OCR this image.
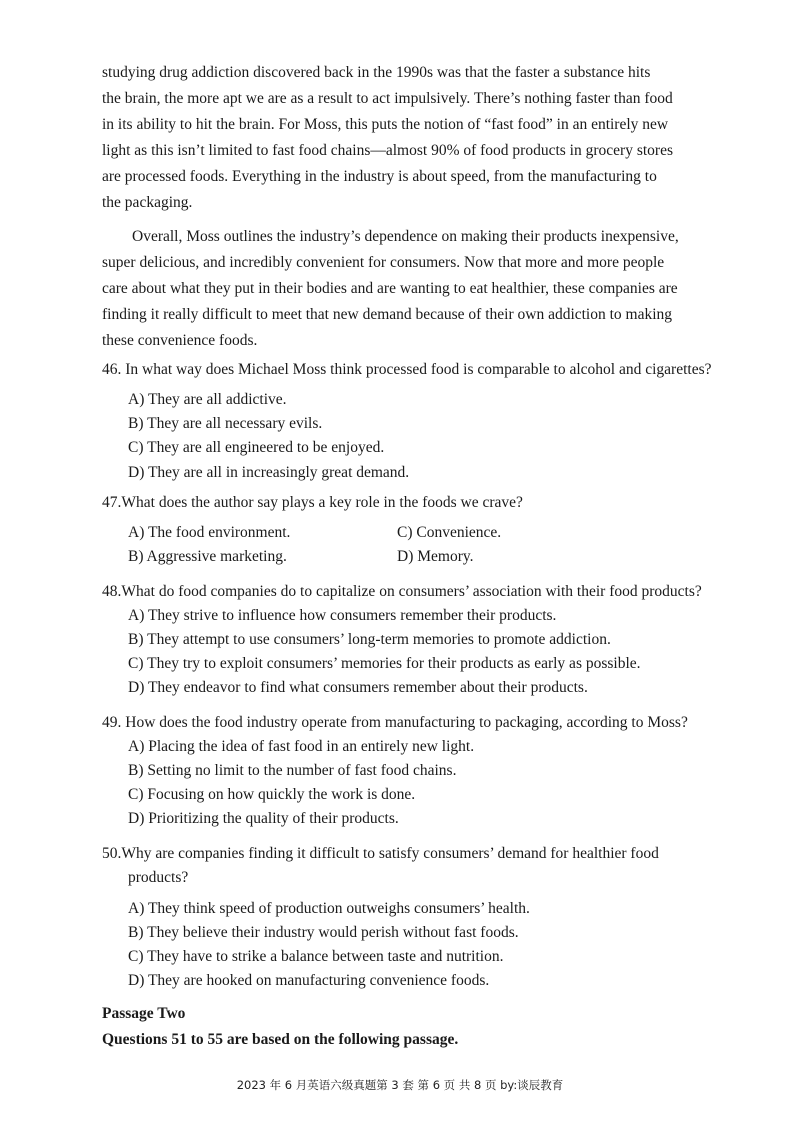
studying drug addiction discovered back in the 1990s was that the faster a substance hits
the brain, the more apt we are as a result to act impulsively. There’s nothing faster than food
in its ability to hit the brain. For Moss, this puts the notion of “fast food” in an entirely new
light as this isn’t limited to fast food chains—almost 90% of food products in grocery stores
are processed foods. Everything in the industry is about speed, from the manufacturing to
the packaging.
Overall, Moss outlines the industry’s dependence on making their products inexpensive,
super delicious, and incredibly convenient for consumers. Now that more and more people
care about what they put in their bodies and are wanting to eat healthier, these companies are
finding it really difficult to meet that new demand because of their own addiction to making
these convenience foods.
46. In what way does Michael Moss think processed food is comparable to alcohol and cigarettes?
A) They are all addictive.
B) They are all necessary evils.
C) They are all engineered to be enjoyed.
D) They are all in increasingly great demand.
47.What does the author say plays a key role in the foods we crave?
A) The food environment.	C) Convenience.
B) Aggressive marketing.	D) Memory.
48.What do food companies do to capitalize on consumers’ association with their food products?
A) They strive to influence how consumers remember their products.
B) They attempt to use consumers’ long-term memories to promote addiction.
C) They try to exploit consumers’ memories for their products as early as possible.
D) They endeavor to find what consumers remember about their products.
49. How does the food industry operate from manufacturing to packaging, according to Moss?
A) Placing the idea of fast food in an entirely new light.
B) Setting no limit to the number of fast food chains.
C) Focusing on how quickly the work is done.
D) Prioritizing the quality of their products.
50.Why are companies finding it difficult to satisfy consumers’ demand for healthier food
products?
A) They think speed of production outweighs consumers’ health.
B) They believe their industry would perish without fast foods.
C) They have to strike a balance between taste and nutrition.
D) They are hooked on manufacturing convenience foods.
Passage Two
Questions 51 to 55 are based on the following passage.
2023 年 6 月英语六级真题第 3 套 第 6 页 共 8 页 by:谈辰教育
